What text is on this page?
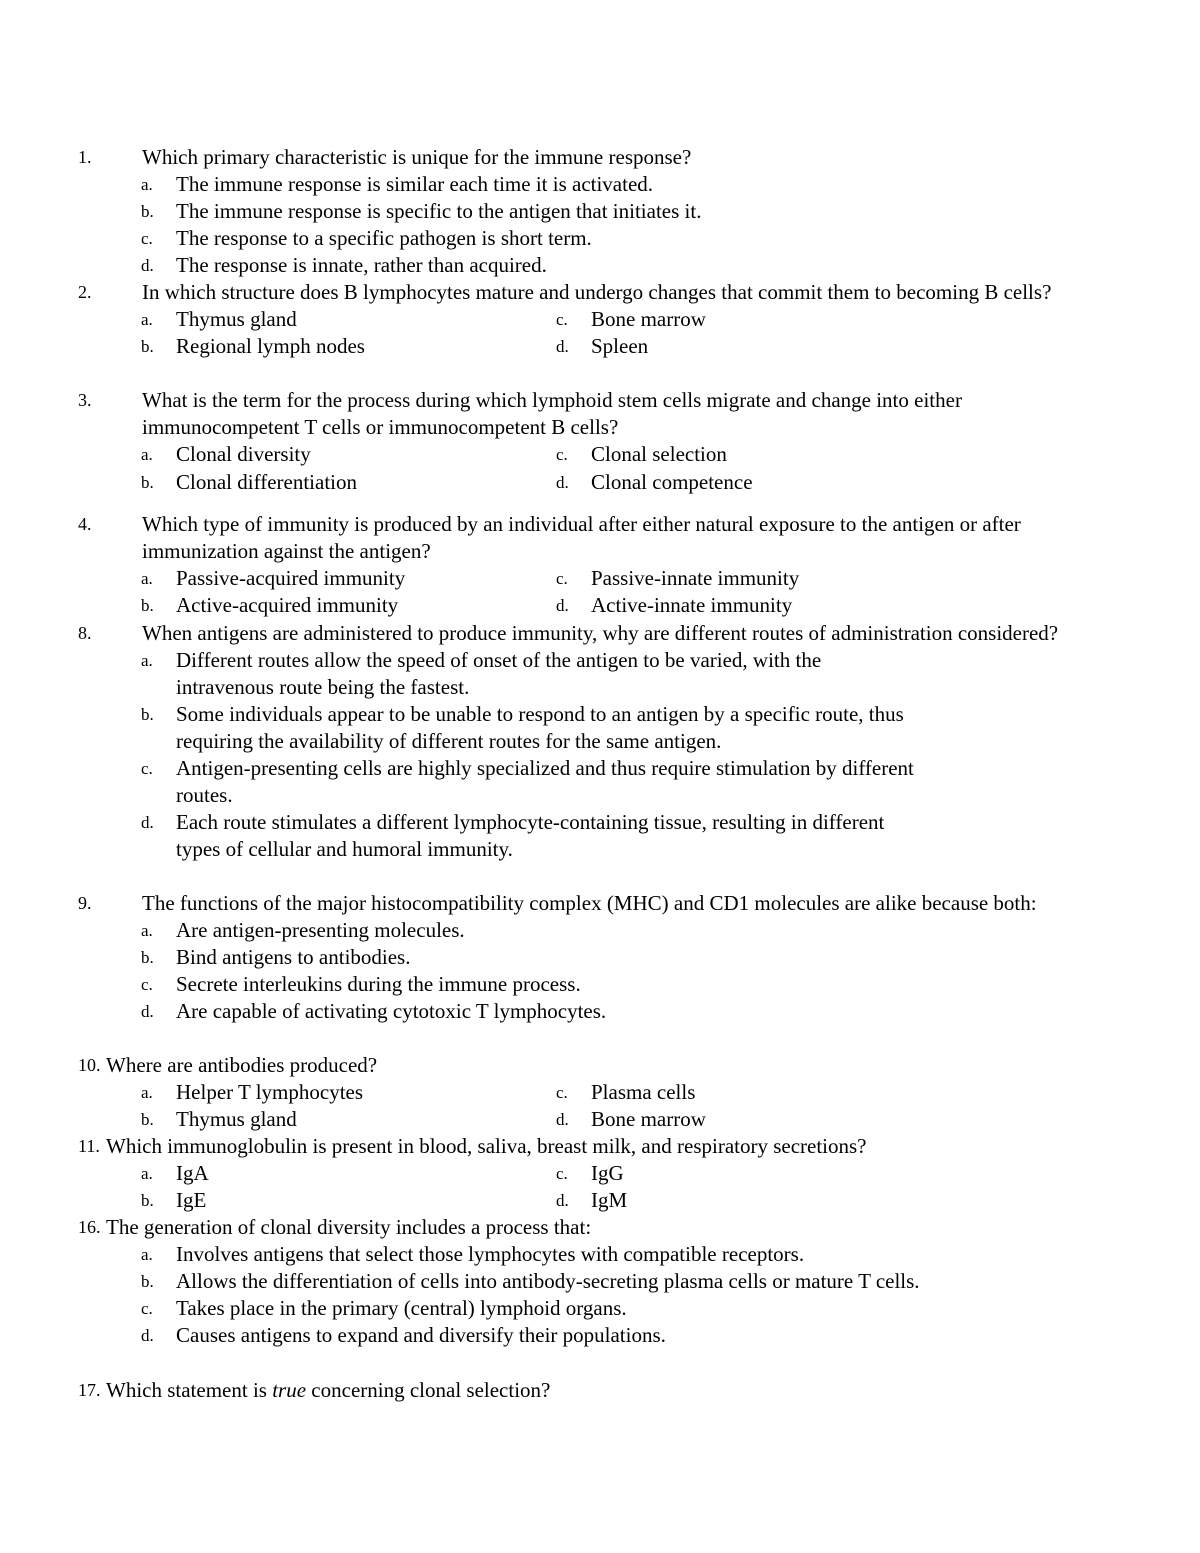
1.	Which primary characteristic is unique for the immune response?
a. The immune response is similar each time it is activated.
b. The immune response is specific to the antigen that initiates it.
c. The response to a specific pathogen is short term.
d. The response is innate, rather than acquired.
2.	In which structure does B lymphocytes mature and undergo changes that commit them to becoming B cells?
a. Thymus gland	c. Bone marrow
b. Regional lymph nodes	d. Spleen
3.	What is the term for the process during which lymphoid stem cells migrate and change into either immunocompetent T cells or immunocompetent B cells?
a. Clonal diversity	c. Clonal selection
b. Clonal differentiation	d. Clonal competence
4.	Which type of immunity is produced by an individual after either natural exposure to the antigen or after immunization against the antigen?
a. Passive-acquired immunity	c. Passive-innate immunity
b. Active-acquired immunity	d. Active-innate immunity
8.	When antigens are administered to produce immunity, why are different routes of administration considered?
a. Different routes allow the speed of onset of the antigen to be varied, with the intravenous route being the fastest.
b. Some individuals appear to be unable to respond to an antigen by a specific route, thus requiring the availability of different routes for the same antigen.
c. Antigen-presenting cells are highly specialized and thus require stimulation by different routes.
d. Each route stimulates a different lymphocyte-containing tissue, resulting in different types of cellular and humoral immunity.
9.	The functions of the major histocompatibility complex (MHC) and CD1 molecules are alike because both:
a. Are antigen-presenting molecules.
b. Bind antigens to antibodies.
c. Secrete interleukins during the immune process.
d. Are capable of activating cytotoxic T lymphocytes.
10. Where are antibodies produced?
a. Helper T lymphocytes	c. Plasma cells
b. Thymus gland	d. Bone marrow
11. Which immunoglobulin is present in blood, saliva, breast milk, and respiratory secretions?
a. IgA	c. IgG
b. IgE	d. IgM
16. The generation of clonal diversity includes a process that:
a. Involves antigens that select those lymphocytes with compatible receptors.
b. Allows the differentiation of cells into antibody-secreting plasma cells or mature T cells.
c. Takes place in the primary (central) lymphoid organs.
d. Causes antigens to expand and diversify their populations.
17. Which statement is true concerning clonal selection?
